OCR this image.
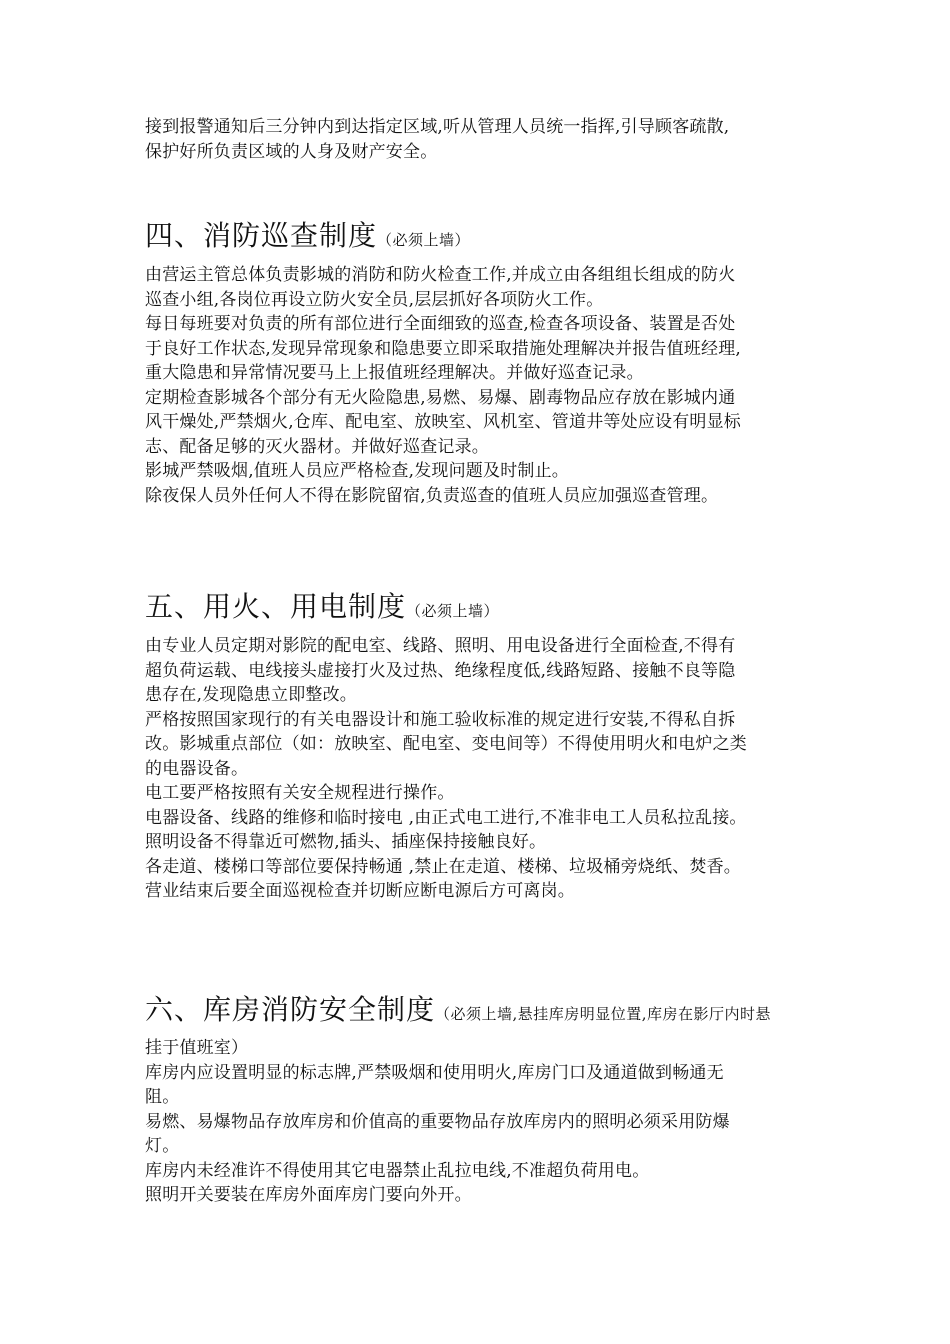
接到报警通知后三分钟内到达指定区域,听从管理人员统一指挥,引导顾客疏散,
保护好所负责区域的人身及财产安全。
四、消防巡查制度（必须上墙）
由营运主管总体负责影城的消防和防火检查工作,并成立由各组组长组成的防火
巡查小组,各岗位再设立防火安全员,层层抓好各项防火工作。
每日每班要对负责的所有部位进行全面细致的巡查,检查各项设备、装置是否处
于良好工作状态,发现异常现象和隐患要立即采取措施处理解决并报告值班经理,
重大隐患和异常情况要马上上报值班经理解决。并做好巡查记录。
定期检查影城各个部分有无火险隐患,易燃、易爆、剧毒物品应存放在影城内通
风干燥处,严禁烟火,仓库、配电室、放映室、风机室、管道井等处应设有明显标
志、配备足够的灭火器材。并做好巡查记录。
影城严禁吸烟,值班人员应严格检查,发现问题及时制止。
除夜保人员外任何人不得在影院留宿,负责巡查的值班人员应加强巡查管理。
五、用火、用电制度（必须上墙）
由专业人员定期对影院的配电室、线路、照明、用电设备进行全面检查,不得有
超负荷运载、电线接头虚接打火及过热、绝缘程度低,线路短路、接触不良等隐
患存在,发现隐患立即整改。
严格按照国家现行的有关电器设计和施工验收标准的规定进行安装,不得私自拆
改。影城重点部位（如：放映室、配电室、变电间等）不得使用明火和电炉之类
的电器设备。
电工要严格按照有关安全规程进行操作。
电器设备、线路的维修和临时接电 ,由正式电工进行,不准非电工人员私拉乱接。
照明设备不得靠近可燃物,插头、插座保持接触良好。
各走道、楼梯口等部位要保持畅通 ,禁止在走道、楼梯、垃圾桶旁烧纸、焚香。
营业结束后要全面巡视检查并切断应断电源后方可离岗。
六、库房消防安全制度（必须上墙,悬挂库房明显位置,库房在影厅内时悬
挂于值班室）
库房内应设置明显的标志牌,严禁吸烟和使用明火,库房门口及通道做到畅通无
阻。
易燃、易爆物品存放库房和价值高的重要物品存放库房内的照明必须采用防爆
灯。
库房内未经准许不得使用其它电器禁止乱拉电线,不准超负荷用电。
照明开关要装在库房外面库房门要向外开。
